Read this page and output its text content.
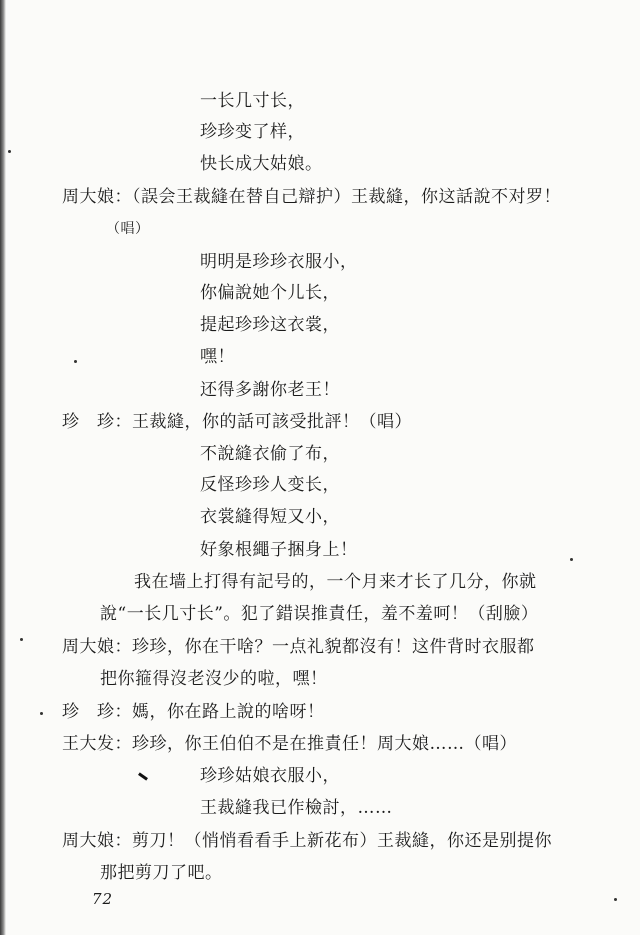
一长几寸长，
珍珍变了样，
快长成大姑娘。
周大娘：（誤会王裁縫在替自己辯护）王裁縫，你这話說不对罗！
（唱）
明明是珍珍衣服小，
你偏說她个儿长，
提起珍珍这衣裳，
嘿！
还得多謝你老王！
珍　珍：王裁縫，你的話可該受批評！（唱）
不說縫衣偷了布，
反怪珍珍人变长，
衣裳縫得短又小，
好象根繩子捆身上！
我在墙上打得有記号的，一个月来才长了几分，你就
說“一长几寸长”。犯了錯误推責任，羞不羞呵！（刮臉）
周大娘：珍珍，你在干啥？一点礼貌都沒有！这件背时衣服都
把你箍得沒老沒少的啦，嘿！
珍　珍：媽，你在路上說的啥呀！
王大发：珍珍，你王伯伯不是在推責任！周大娘……（唱）
珍珍姑娘衣服小，
王裁縫我已作檢討，……
周大娘：剪刀！（悄悄看看手上新花布）王裁縫，你还是别提你
那把剪刀了吧。
72
